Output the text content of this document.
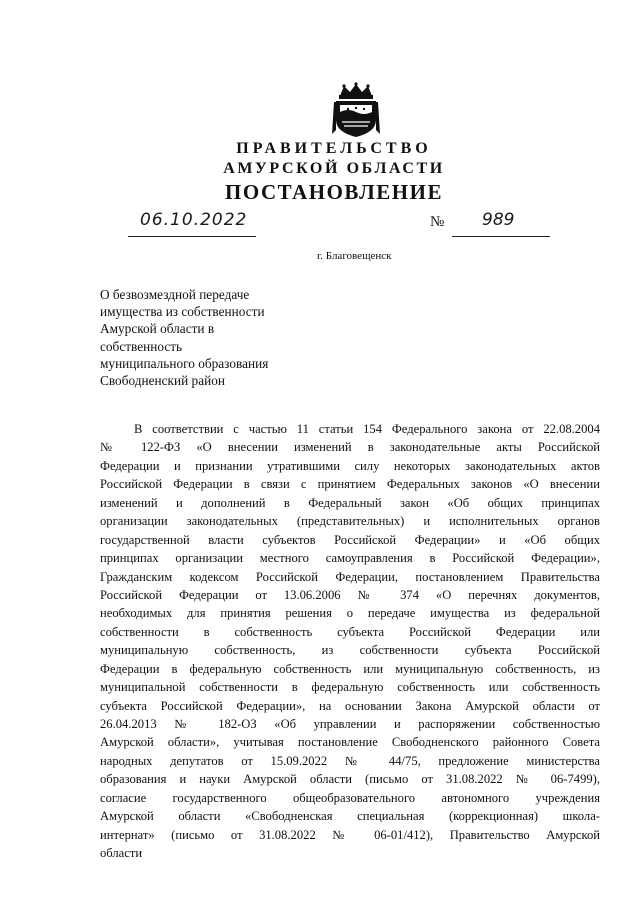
ПРАВИТЕЛЬСТВО
АМУРСКОЙ ОБЛАСТИ
ПОСТАНОВЛЕНИЕ
06.10.2022	№ 989
г. Благовещенск
О безвозмездной передаче
имущества из собственности
Амурской области в
собственность
муниципального образования
Свободненский район
В соответствии с частью 11 статьи 154 Федерального закона от 22.08.2004
№ 122-ФЗ «О внесении изменений в законодательные акты Российской
Федерации и признании утратившими силу некоторых законодательных актов
Российской Федерации в связи с принятием Федеральных законов «О внесении
изменений и дополнений в Федеральный закон «Об общих принципах
организации законодательных (представительных) и исполнительных органов
государственной власти субъектов Российской Федерации» и «Об общих
принципах организации местного самоуправления в Российской Федерации»,
Гражданским кодексом Российской Федерации, постановлением Правительства
Российской Федерации от 13.06.2006 № 374 «О перечнях документов,
необходимых для принятия решения о передаче имущества из федеральной
собственности в собственность субъекта Российской Федерации или
муниципальную собственность, из собственности субъекта Российской
Федерации в федеральную собственность или муниципальную собственность, из
муниципальной собственности в федеральную собственность или собственность
субъекта Российской Федерации», на основании Закона Амурской области от
26.04.2013 № 182-ОЗ «Об управлении и распоряжении собственностью
Амурской области», учитывая постановление Свободненского районного Совета
народных депутатов от 15.09.2022 № 44/75, предложение министерства
образования и науки Амурской области (письмо от 31.08.2022 № 06-7499),
согласие государственного общеобразовательного автономного учреждения
Амурской области «Свободненская специальная (коррекционная) школа-
интернат» (письмо от 31.08.2022 № 06-01/412), Правительство Амурской
области
